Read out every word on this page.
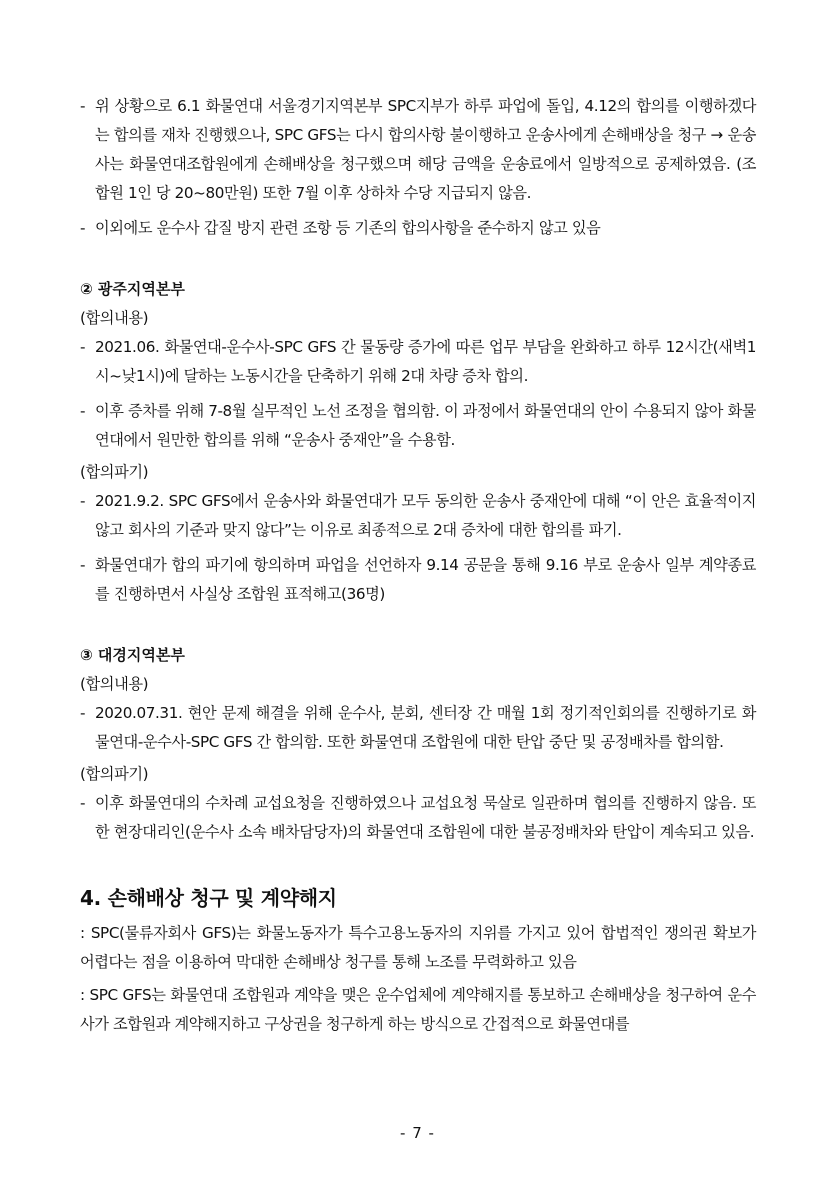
- 위 상황으로 6.1 화물연대 서울경기지역본부 SPC지부가 하루 파업에 돌입, 4.12의 합의를 이행하겠다는 합의를 재차 진행했으나, SPC GFS는 다시 합의사항 불이행하고 운송사에게 손해배상을 청구 → 운송사는 화물연대조합원에게 손해배상을 청구했으며 해당 금액을 운송료에서 일방적으로 공제하였음. (조합원 1인 당 20~80만원) 또한 7월 이후 상하차 수당 지급되지 않음.
- 이외에도 운수사 갑질 방지 관련 조항 등 기존의 합의사항을 준수하지 않고 있음
② 광주지역본부
(합의내용)
- 2021.06. 화물연대-운수사-SPC GFS 간 물동량 증가에 따른 업무 부담을 완화하고 하루 12시간(새벽1시~낮1시)에 달하는 노동시간을 단축하기 위해 2대 차량 증차 합의.
- 이후 증차를 위해 7-8월 실무적인 노선 조정을 협의함. 이 과정에서 화물연대의 안이 수용되지 않아 화물연대에서 원만한 합의를 위해 “운송사 중재안”을 수용함.
(합의파기)
- 2021.9.2. SPC GFS에서 운송사와 화물연대가 모두 동의한 운송사 중재안에 대해 “이 안은 효율적이지 않고 회사의 기준과 맞지 않다”는 이유로 최종적으로 2대 증차에 대한 합의를 파기.
- 화물연대가 합의 파기에 항의하며 파업을 선언하자 9.14 공문을 통해 9.16 부로 운송사 일부 계약종료를 진행하면서 사실상 조합원 표적해고(36명)
③ 대경지역본부
(합의내용)
- 2020.07.31. 현안 문제 해결을 위해 운수사, 분회, 센터장 간 매월 1회 정기적인회의를 진행하기로 화물연대-운수사-SPC GFS 간 합의함. 또한 화물연대 조합원에 대한 탄압 중단 및 공정배차를 합의함.
(합의파기)
- 이후 화물연대의 수차례 교섭요청을 진행하였으나 교섭요청 묵살로 일관하며 협의를 진행하지 않음. 또한 현장대리인(운수사 소속 배차담당자)의 화물연대 조합원에 대한 불공정배차와 탄압이 계속되고 있음.
4. 손해배상 청구 및 계약해지
: SPC(물류자회사 GFS)는 화물노동자가 특수고용노동자의 지위를 가지고 있어 합법적인 쟁의권 확보가 어렵다는 점을 이용하여 막대한 손해배상 청구를 통해 노조를 무력화하고 있음
: SPC GFS는 화물연대 조합원과 계약을 맺은 운수업체에 계약해지를 통보하고 손해배상을 청구하여 운수사가 조합원과 계약해지하고 구상권을 청구하게 하는 방식으로 간접적으로 화물연대를
- 7 -
